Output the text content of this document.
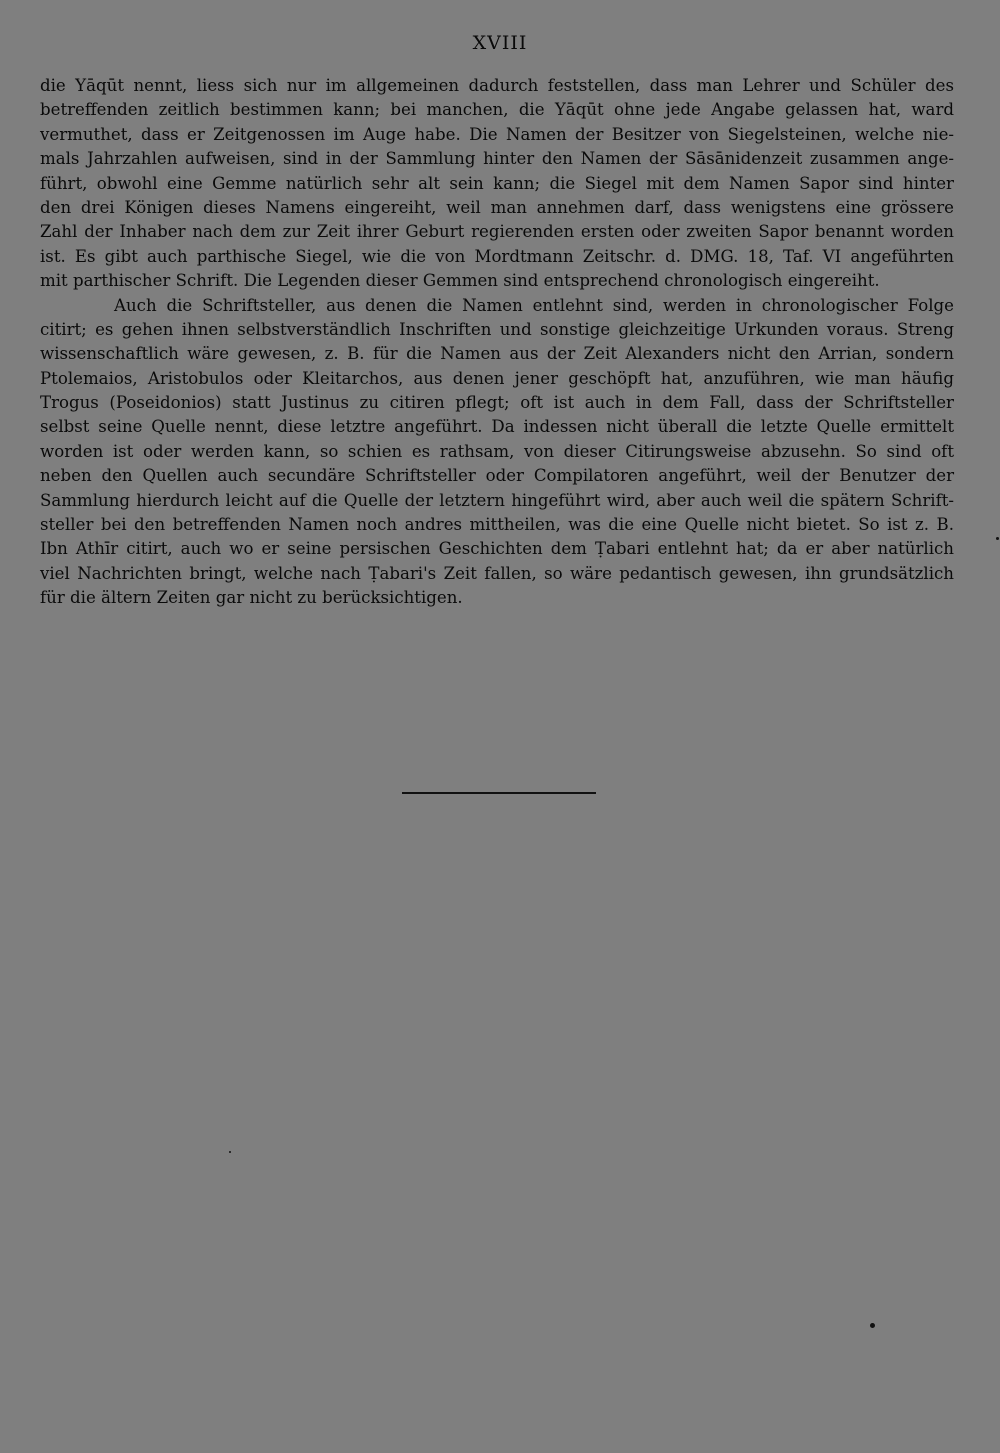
XVIII
die Yāqūt nennt, liess sich nur im allgemeinen dadurch feststellen, dass man Lehrer und Schüler des
betreffenden zeitlich bestimmen kann; bei manchen, die Yāqūt ohne jede Angabe gelassen hat, ward
vermuthet, dass er Zeitgenossen im Auge habe. Die Namen der Besitzer von Siegelsteinen, welche nie-
mals Jahrzahlen aufweisen, sind in der Sammlung hinter den Namen der Sāsānidenzeit zusammen ange-
führt, obwohl eine Gemme natürlich sehr alt sein kann; die Siegel mit dem Namen Sapor sind hinter
den drei Königen dieses Namens eingereiht, weil man annehmen darf, dass wenigstens eine grössere
Zahl der Inhaber nach dem zur Zeit ihrer Geburt regierenden ersten oder zweiten Sapor benannt worden
ist. Es gibt auch parthische Siegel, wie die von Mordtmann Zeitschr. d. DMG. 18, Taf. VI angeführten
mit parthischer Schrift. Die Legenden dieser Gemmen sind entsprechend chronologisch eingereiht.
Auch die Schriftsteller, aus denen die Namen entlehnt sind, werden in chronologischer Folge
citirt; es gehen ihnen selbstverständlich Inschriften und sonstige gleichzeitige Urkunden voraus. Streng
wissenschaftlich wäre gewesen, z. B. für die Namen aus der Zeit Alexanders nicht den Arrian, sondern
Ptolemaios, Aristobulos oder Kleitarchos, aus denen jener geschöpft hat, anzuführen, wie man häufig
Trogus (Poseidonios) statt Justinus zu citiren pflegt; oft ist auch in dem Fall, dass der Schriftsteller
selbst seine Quelle nennt, diese letztre angeführt. Da indessen nicht überall die letzte Quelle ermittelt
worden ist oder werden kann, so schien es rathsam, von dieser Citirungsweise abzusehn. So sind oft
neben den Quellen auch secundäre Schriftsteller oder Compilatoren angeführt, weil der Benutzer der
Sammlung hierdurch leicht auf die Quelle der letztern hingeführt wird, aber auch weil die spätern Schrift-
steller bei den betreffenden Namen noch andres mittheilen, was die eine Quelle nicht bietet. So ist z. B.
Ibn Athīr citirt, auch wo er seine persischen Geschichten dem Ṭabari entlehnt hat; da er aber natürlich
viel Nachrichten bringt, welche nach Ṭabari's Zeit fallen, so wäre pedantisch gewesen, ihn grundsätzlich
für die ältern Zeiten gar nicht zu berücksichtigen.
